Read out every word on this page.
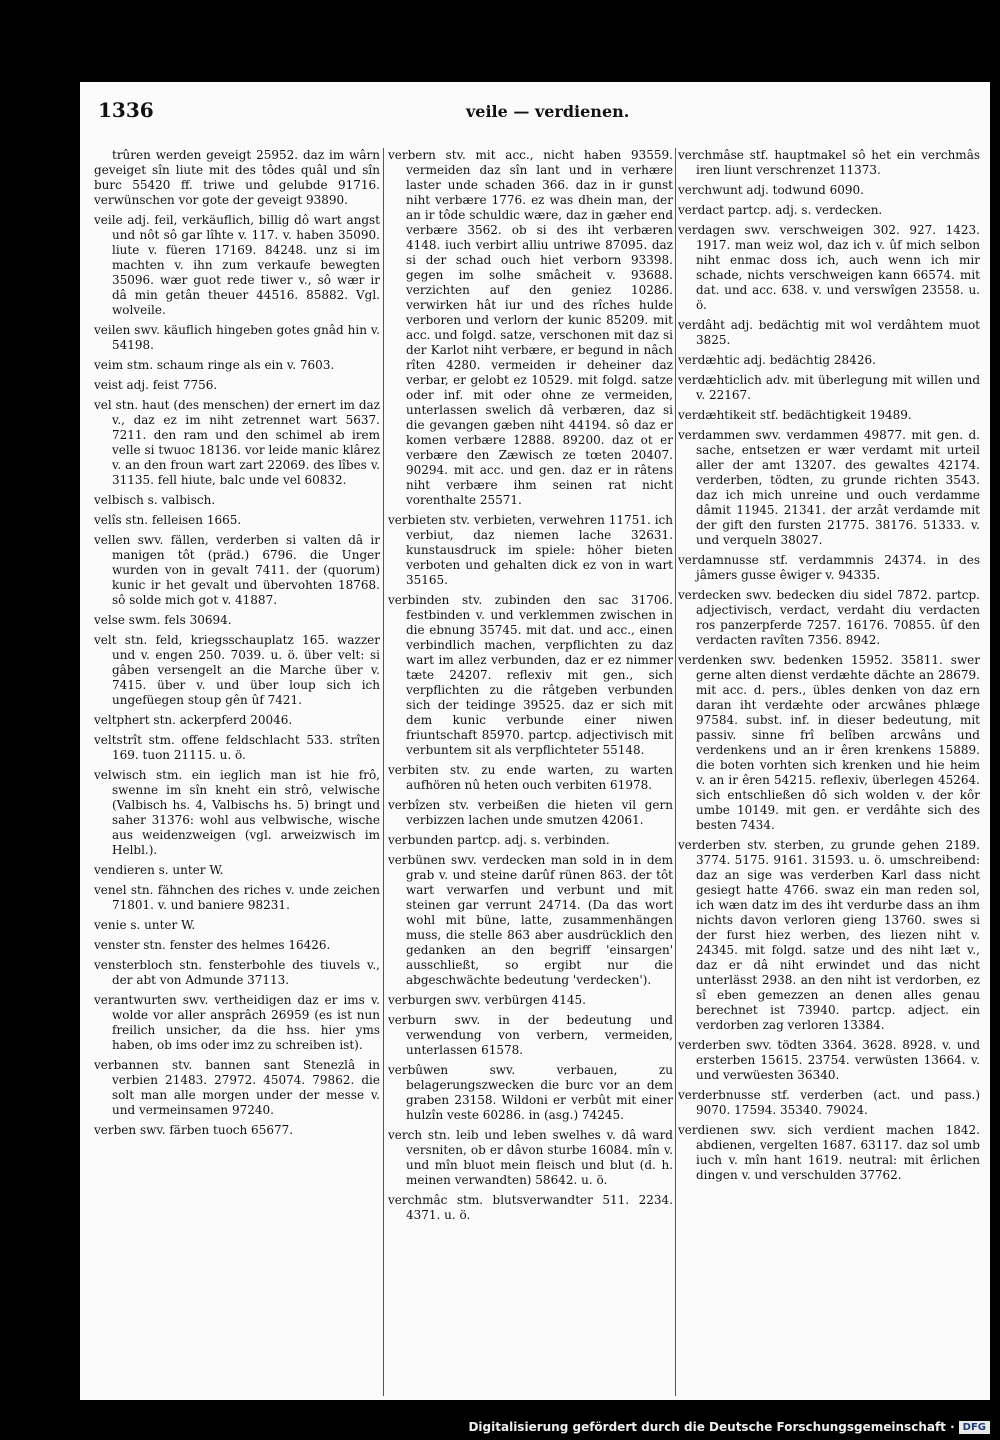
1336	veile — verdienen.

trûren werden geveigt 25952. daz im wârn geveiget sîn liute mit des tôdes quâl und sîn burc 55420 ff. triwe und gelubde 91716. verwünschen vor gote der geveigt 93890.

veile adj. feil, verkäuflich, billig dô wart angst und nôt sô gar lîhte v. 117. v. haben 35090. liute v. füeren 17169. 84248. unz si im machten v. ihn zum verkaufe bewegten 35096. wær guot rede tiwer v., sô wær ir dâ min getân theuer 44516. 85882. Vgl. wolveile.

veilen swv. käuflich hingeben gotes gnâd hin v. 54198.

veim stm. schaum ringe als ein v. 7603.

veist adj. feist 7756.

vel stn. haut (des menschen) der ernert im daz v., daz ez im niht zetrennet wart 5637. 7211. den ram und den schimel ab irem velle si twuoc 18136. vor leide manic klârez v. an den froun wart zart 22069. des lîbes v. 31135. fell hiute, balc unde vel 60832.

velbisch s. valbisch.

velîs stn. felleisen 1665.

vellen swv. fällen, verderben si valten dâ ir manigen tôt (präd.) 6796. die Unger wurden von in gevalt 7411. der (quorum) kunic ir het gevalt und übervohten 18768. sô solde mich got v. 41887.

velse swm. fels 30694.

velt stn. feld, kriegsschauplatz 165. wazzer und v. engen 250. 7039. u. ö. über velt: si gâben versengelt an die Marche über v. 7415. über v. und über loup sich ich ungefüegen stoup gên ûf 7421.

veltphert stn. ackerpferd 20046.

veltstrît stm. offene feldschlacht 533. strîten 169. tuon 21115. u. ö.

velwisch stm. ein ieglich man ist hie frô, swenne im sîn kneht ein strô, velwische (Valbisch hs. 4, Valbischs hs. 5) bringt und saher 31376: wohl aus velbwische, wische aus weidenzweigen (vgl. arweizwisch im Helbl.).

vendieren s. unter W.

venel stn. fähnchen des riches v. unde zeichen 71801. v. und baniere 98231.

venie s. unter W.

venster stn. fenster des helmes 16426.

vensterbloch stn. fensterbohle des tiuvels v., der abt von Admunde 37113.

verantwurten swv. vertheidigen daz er ims v. wolde vor aller ansprâch 26959 (es ist nun freilich unsicher, da die hss. hier yms haben, ob ims oder imz zu schreiben ist).

verbannen stv. bannen sant Stenezlâ in verbien 21483. 27972. 45074. 79862. die solt man alle morgen under der messe v. und vermeinsamen 97240.

verben swv. färben tuoch 65677.

verbern stv. mit acc., nicht haben 93559. vermeiden daz sîn lant und in verhære laster unde schaden 366. daz in ir gunst niht verbære 1776. ez was dhein man, der an ir tôde schuldic wære, daz in gæher end verbære 3562. ob si des iht verbæren 4148. iuch verbirt alliu untriwe 87095. daz si der schad ouch hiet verborn 93398. gegen im solhe smâcheit v. 93688. verzichten auf den geniez 10286. verwirken hât iur und des rîches hulde verboren und verlorn der kunic 85209. mit acc. und folgd. satze, verschonen mit daz si der Karlot niht verbære, er begund in nâch rîten 4280. vermeiden ir deheiner daz verbar, er gelobt ez 10529. mit folgd. satze oder inf. mit oder ohne ze vermeiden, unterlassen swelich dâ verbæren, daz si die gevangen gæben niht 44194. sô daz er komen verbære 12888. 89200. daz ot er verbære den Zæwisch ze tœten 20407. 90294. mit acc. und gen. daz er in râtens niht verbære ihm seinen rat nicht vorenthalte 25571.

verbieten stv. verbieten, verwehren 11751. ich verbiut, daz niemen lache 32631. kunstausdruck im spiele: höher bieten verboten und gehalten dick ez von in wart 35165.

verbinden stv. zubinden den sac 31706. festbinden v. und verklemmen zwischen in die ebnung 35745. mit dat. und acc., einen verbindlich machen, verpflichten zu daz wart im allez verbunden, daz er ez nimmer tæte 24207. reflexiv mit gen., sich verpflichten zu die râtgeben verbunden sich der teidinge 39525. daz er sich mit dem kunic verbunde einer niwen friuntschaft 85970. partcp. adjectivisch mit verbuntem sit als verpflichteter 55148.

verbiten stv. zu ende warten, zu warten aufhören nû heten ouch verbiten 61978.

verbîzen stv. verbeißen die hieten vil gern verbizzen lachen unde smutzen 42061.

verbunden partcp. adj. s. verbinden.

verbünen swv. verdecken man sold in in dem grab v. und steine darûf rünen 863. der tôt wart verwarfen und verbunt und mit steinen gar verrunt 24714. (Da das wort wohl mit büne, latte, zusammenhängen muss, die stelle 863 aber ausdrücklich den gedanken an den begriff 'einsargen' ausschließt, so ergibt nur die abgeschwächte bedeutung 'verdecken').

verburgen swv. verbürgen 4145.

verburn swv. in der bedeutung und verwendung von verbern, vermeiden, unterlassen 61578.

verbûwen swv. verbauen, zu belagerungszwecken die burc vor an dem graben 23158. Wildoni er verbût mit einer hulzîn veste 60286. in (asg.) 74245.

verch stn. leib und leben swelhes v. dâ ward versniten, ob er dâvon sturbe 16084. mîn v. und mîn bluot mein fleisch und blut (d. h. meinen verwandten) 58642. u. ö.

verchmâc stm. blutsverwandter 511. 2234. 4371. u. ö.

verchmâse stf. hauptmakel sô het ein verchmâs iren liunt verschrenzet 11373.

verchwunt adj. todwund 6090.

verdact partcp. adj. s. verdecken.

verdagen swv. verschweigen 302. 927. 1423. 1917. man weiz wol, daz ich v. ûf mich selbon niht enmac doss ich, auch wenn ich mir schade, nichts verschweigen kann 66574. mit dat. und acc. 638. v. und verswîgen 23558. u. ö.

verdâht adj. bedächtig mit wol verdâhtem muot 3825.

verdæhtic adj. bedächtig 28426.

verdæhticlich adv. mit überlegung mit willen und v. 22167.

verdæhtikeit stf. bedächtigkeit 19489.

verdammen swv. verdammen 49877. mit gen. d. sache, entsetzen er wær verdamt mit urteil aller der amt 13207. des gewaltes 42174. verderben, tödten, zu grunde richten 3543. daz ich mich unreine und ouch verdamme dâmit 11945. 21341. der arzât verdamde mit der gift den fursten 21775. 38176. 51333. v. und verqueln 38027.

verdamnusse stf. verdammnis 24374. in des jâmers gusse êwiger v. 94335.

verdecken swv. bedecken diu sidel 7872. partcp. adjectivisch, verdact, verdaht diu verdacten ros panzerpferde 7257. 16176. 70855. ûf den verdacten ravîten 7356. 8942.

verdenken swv. bedenken 15952. 35811. swer gerne alten dienst verdæhte dächte an 28679. mit acc. d. pers., übles denken von daz ern daran iht verdæhte oder arcwânes phlæge 97584. subst. inf. in dieser bedeutung, mit passiv. sinne frî belîben arcwâns und verdenkens und an ir êren krenkens 15889. die boten vorhten sich krenken und hie heim v. an ir êren 54215. reflexiv, überlegen 45264. sich entschließen dô sich wolden v. der kôr umbe 10149. mit gen. er verdâhte sich des besten 7434.

verderben stv. sterben, zu grunde gehen 2189. 3774. 5175. 9161. 31593. u. ö. umschreibend: daz an sige was verderben Karl dass nicht gesiegt hatte 4766. swaz ein man reden sol, ich wæn datz im des iht verdurbe dass an ihm nichts davon verloren gieng 13760. swes si der furst hiez werben, des liezen niht v. 24345. mit folgd. satze und des niht læt v., daz er dâ niht erwindet und das nicht unterlässt 2938. an den niht ist verdorben, ez sî eben gemezzen an denen alles genau berechnet ist 73940. partcp. adject. ein verdorben zag verloren 13384.

verderben swv. tödten 3364. 3628. 8928. v. und ersterben 15615. 23754. verwüsten 13664. v. und verwüesten 36340.

verderbnusse stf. verderben (act. und pass.) 9070. 17594. 35340. 79024.

verdienen swv. sich verdient machen 1842. abdienen, vergelten 1687. 63117. daz sol umb iuch v. mîn hant 1619. neutral: mit êrlichen dingen v. und verschulden 37762.

Digitalisierung gefördert durch die Deutsche Forschungsgemeinschaft · DFG
